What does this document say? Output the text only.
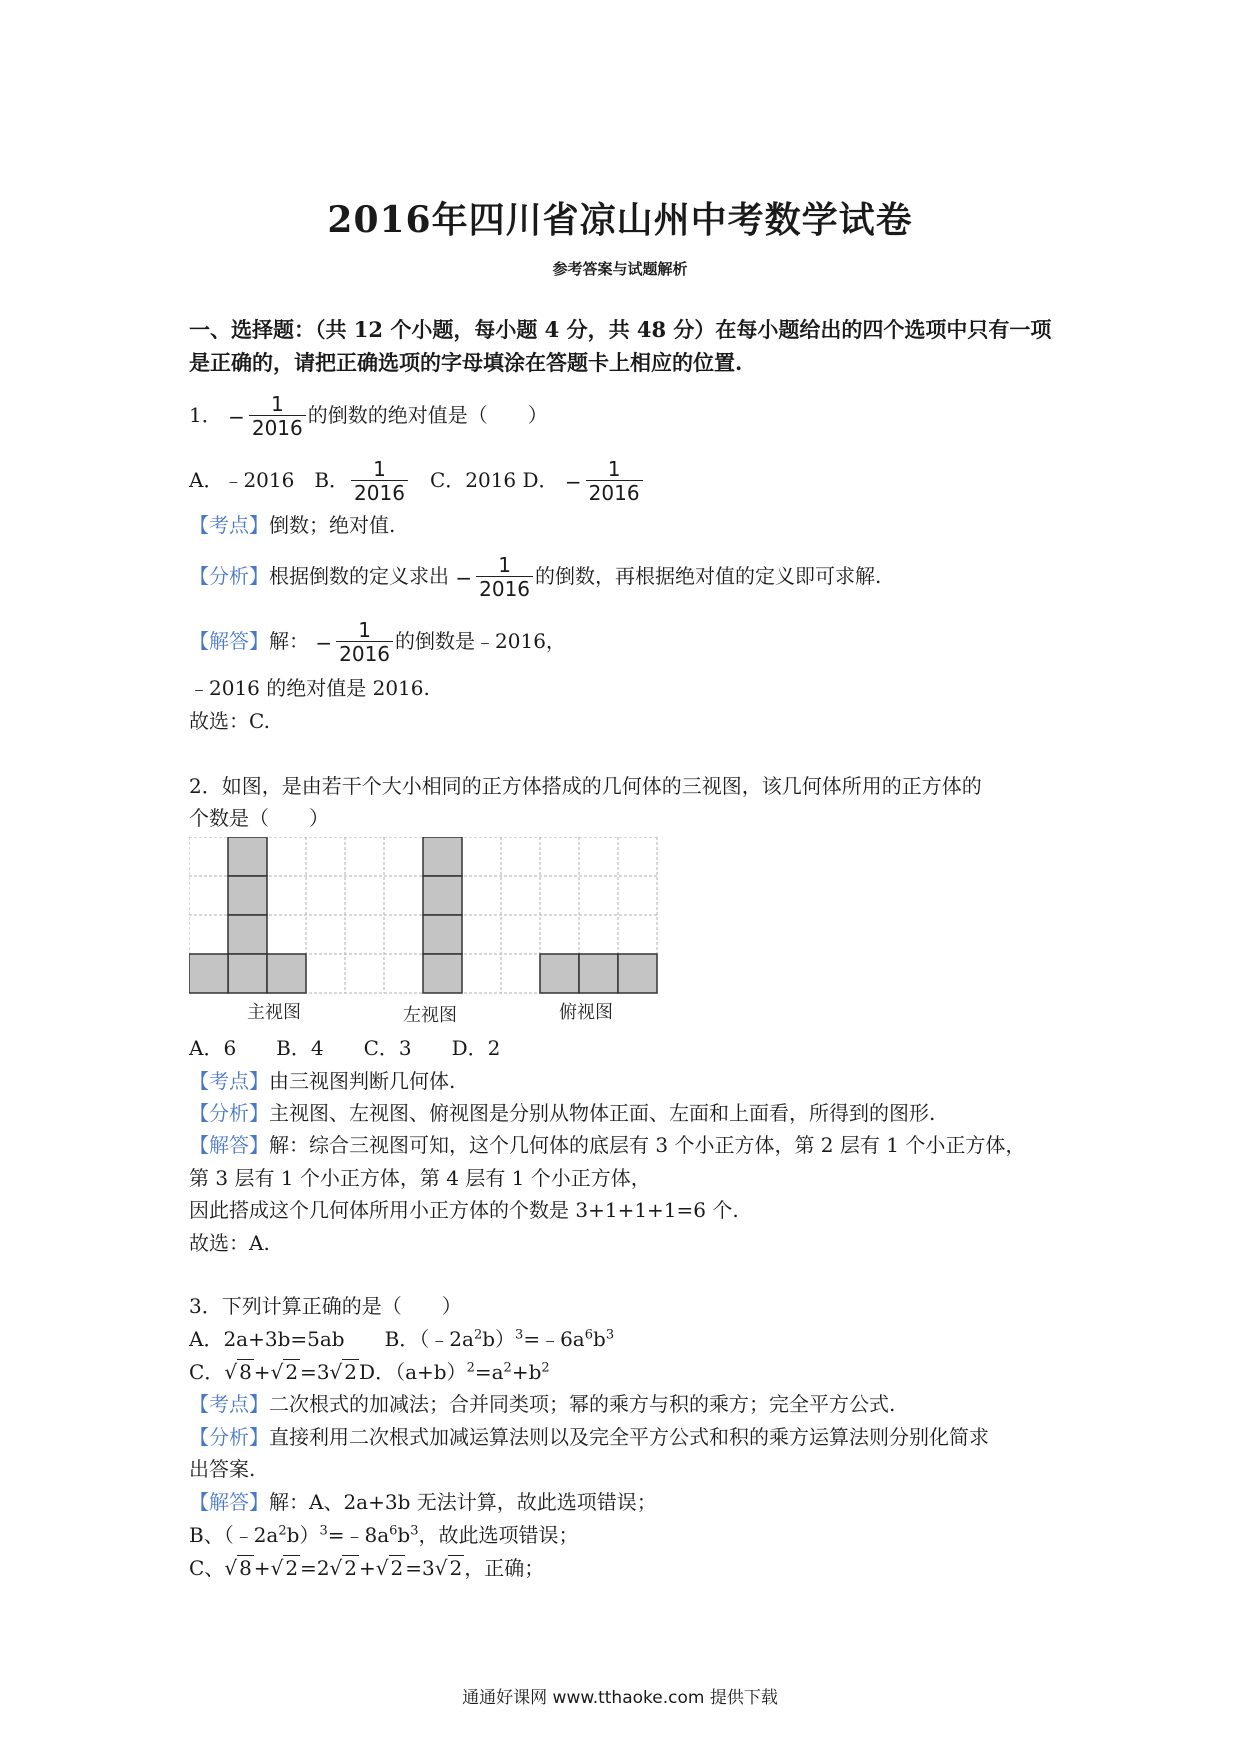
2016年四川省凉山州中考数学试卷
参考答案与试题解析
一、选择题：（共 12 个小题，每小题 4 分，共 48 分）在每小题给出的四个选项中只有一项
是正确的，请把正确选项的字母填涂在答题卡上相应的位置.
1． − $\frac{1}{2016}$ 的倒数的绝对值是（　　）
A．﹣2016　B． $\frac{1}{2016}$ 　C．2016 D． − $\frac{1}{2016}$
【考点】倒数；绝对值.
【分析】根据倒数的定义求出 − $\frac{1}{2016}$ 的倒数，再根据绝对值的定义即可求解.
【解答】解： − $\frac{1}{2016}$ 的倒数是﹣2016，
﹣2016 的绝对值是 2016.
故选：C.
2．如图，是由若干个大小相同的正方体搭成的几何体的三视图，该几何体所用的正方体的
个数是（　　）
主视图	左视图	俯视图
A．6　　B．4　　C．3　　D．2
【考点】由三视图判断几何体.
【分析】主视图、左视图、俯视图是分别从物体正面、左面和上面看，所得到的图形.
【解答】解：综合三视图可知，这个几何体的底层有 3 个小正方体，第 2 层有 1 个小正方体，
第 3 层有 1 个小正方体，第 4 层有 1 个小正方体，
因此搭成这个几何体所用小正方体的个数是 3+1+1+1=6 个.
故选：A.
3．下列计算正确的是（　　）
A．2a+3b=5ab　　B．$(﹣2a^2b)^3=﹣6a^6b^3$
C．√ 8 +√ 2 =3√ 2 D．$(a+b)^2=a^2+b^2$
【考点】二次根式的加减法；合并同类项；幂的乘方与积的乘方；完全平方公式.
【分析】直接利用二次根式加减运算法则以及完全平方公式和积的乘方运算法则分别化简求
出答案.
【解答】解：A、2a+3b 无法计算，故此选项错误；
B、$(﹣2a^2b)^3=﹣8a^6b^3$，故此选项错误；
C、√ 8 +√ 2 =2√ 2 +√ 2 =3√ 2 ，正确；
通通好课网 www.tthaoke.com 提供下载
